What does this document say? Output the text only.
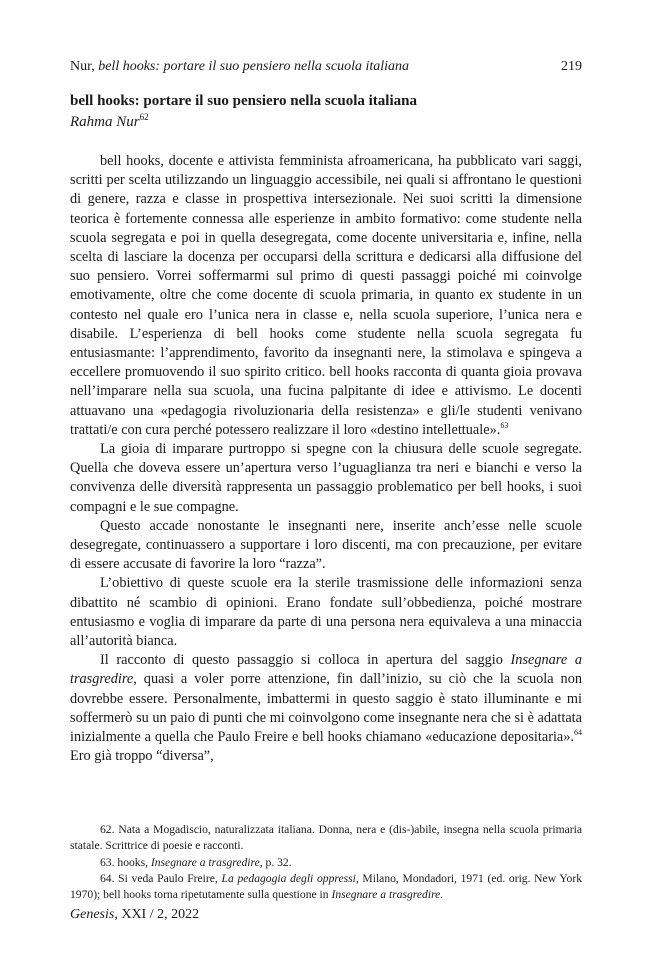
Nur, bell hooks: portare il suo pensiero nella scuola italiana	219
bell hooks: portare il suo pensiero nella scuola italiana
Rahma Nur$^{62}$

bell hooks, docente e attivista femminista afroamericana, ha pubblicato vari saggi, scritti per scelta utilizzando un linguaggio accessibile, nei quali si affrontano le questioni di genere, razza e classe in prospettiva intersezionale. Nei suoi scritti la dimensione teorica è fortemente connessa alle esperienze in ambito formativo: come studente nella scuola segregata e poi in quella desegregata, come docente universitaria e, infine, nella scelta di lasciare la docenza per occuparsi della scrittura e dedicarsi alla diffusione del suo pensiero. Vorrei soffermarmi sul primo di questi passaggi poiché mi coinvolge emotivamente, oltre che come docente di scuola primaria, in quanto ex studente in un contesto nel quale ero l’unica nera in classe e, nella scuola superiore, l’unica nera e disabile. L’esperienza di bell hooks come studente nella scuola segregata fu entusiasmante: l’apprendimento, favorito da insegnanti nere, la stimolava e spingeva a eccellere promuovendo il suo spirito critico. bell hooks racconta di quanta gioia provava nell’imparare nella sua scuola, una fucina palpitante di idee e attivismo. Le docenti attuavano una «pedagogia rivoluzionaria della resistenza» e gli/le studenti venivano trattati/e con cura perché potessero realizzare il loro «destino intellettuale».$^{63}$

La gioia di imparare purtroppo si spegne con la chiusura delle scuole segregate. Quella che doveva essere un’apertura verso l’uguaglianza tra neri e bianchi e verso la convivenza delle diversità rappresenta un passaggio problematico per bell hooks, i suoi compagni e le sue compagne.

Questo accade nonostante le insegnanti nere, inserite anch’esse nelle scuole desegregate, continuassero a supportare i loro discenti, ma con precauzione, per evitare di essere accusate di favorire la loro “razza”.

L’obiettivo di queste scuole era la sterile trasmissione delle informazioni senza dibattito né scambio di opinioni. Erano fondate sull’obbedienza, poiché mostrare entusiasmo e voglia di imparare da parte di una persona nera equivaleva a una minaccia all’autorità bianca.

Il racconto di questo passaggio si colloca in apertura del saggio Insegnare a trasgredire, quasi a voler porre attenzione, fin dall’inizio, su ciò che la scuola non dovrebbe essere. Personalmente, imbattermi in questo saggio è stato illuminante e mi soffermerò su un paio di punti che mi coinvolgono come insegnante nera che si è adattata inizialmente a quella che Paulo Freire e bell hooks chiamano «educazione depositaria».$^{64}$ Ero già troppo “diversa”,

62. Nata a Mogadiscio, naturalizzata italiana. Donna, nera e (dis-)abile, insegna nella scuola primaria statale. Scrittrice di poesie e racconti.

63. hooks, Insegnare a trasgredire, p. 32.

64. Si veda Paulo Freire, La pedagogia degli oppressi, Milano, Mondadori, 1971 (ed. orig. New York 1970); bell hooks torna ripetutamente sulla questione in Insegnare a trasgredire.

Genesis, XXI / 2, 2022
